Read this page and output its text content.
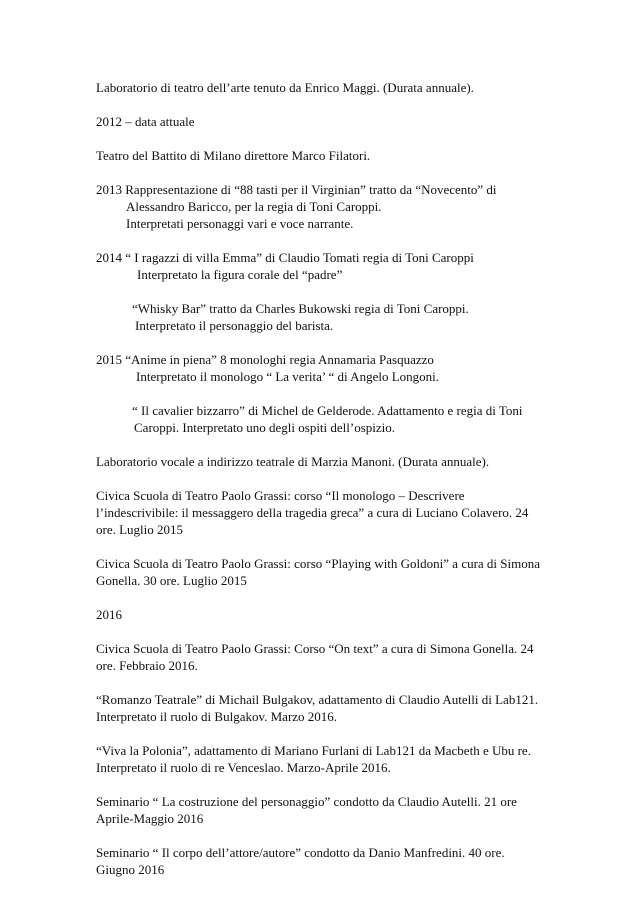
Laboratorio di teatro dell’arte tenuto da Enrico Maggi. (Durata annuale).

2012 – data attuale

Teatro del Battito di Milano direttore Marco Filatori.

2013 Rappresentazione di “88 tasti per il Virginian” tratto da “Novecento” di

Alessandro Baricco, per la regia di Toni Caroppi.

Interpretati personaggi vari e voce narrante.

2014 “ I ragazzi di villa Emma” di Claudio Tomati regia di Toni Caroppi

Interpretato la figura corale del “padre”

“Whisky Bar” tratto da Charles Bukowski regia di Toni Caroppi.

Interpretato il personaggio del barista.

2015 “Anime in piena” 8 monologhi regia Annamaria Pasquazzo

Interpretato il monologo “ La verita’ “ di Angelo Longoni.

“ Il cavalier bizzarro” di Michel de Gelderode. Adattamento e regia di Toni

Caroppi. Interpretato uno degli ospiti dell’ospizio.

Laboratorio vocale a indirizzo teatrale di Marzia Manoni. (Durata annuale).

Civica Scuola di Teatro Paolo Grassi: corso “Il monologo – Descrivere

l’indescrivibile: il messaggero della tragedia greca” a cura di Luciano Colavero. 24

ore. Luglio 2015

Civica Scuola di Teatro Paolo Grassi: corso “Playing with Goldoni” a cura di Simona

Gonella. 30 ore. Luglio 2015

2016

Civica Scuola di Teatro Paolo Grassi: Corso “On text” a cura di Simona Gonella. 24

ore. Febbraio 2016.

“Romanzo Teatrale” di Michail Bulgakov, adattamento di Claudio Autelli di Lab121.

Interpretato il ruolo di Bulgakov. Marzo 2016.

“Viva la Polonia”, adattamento di Mariano Furlani di Lab121 da Macbeth e Ubu re.

Interpretato il ruolo di re Venceslao. Marzo-Aprile 2016.

Seminario “ La costruzione del personaggio” condotto da Claudio Autelli. 21 ore

Aprile-Maggio 2016

Seminario “ Il corpo dell’attore/autore” condotto da Danio Manfredini. 40 ore.

Giugno 2016
